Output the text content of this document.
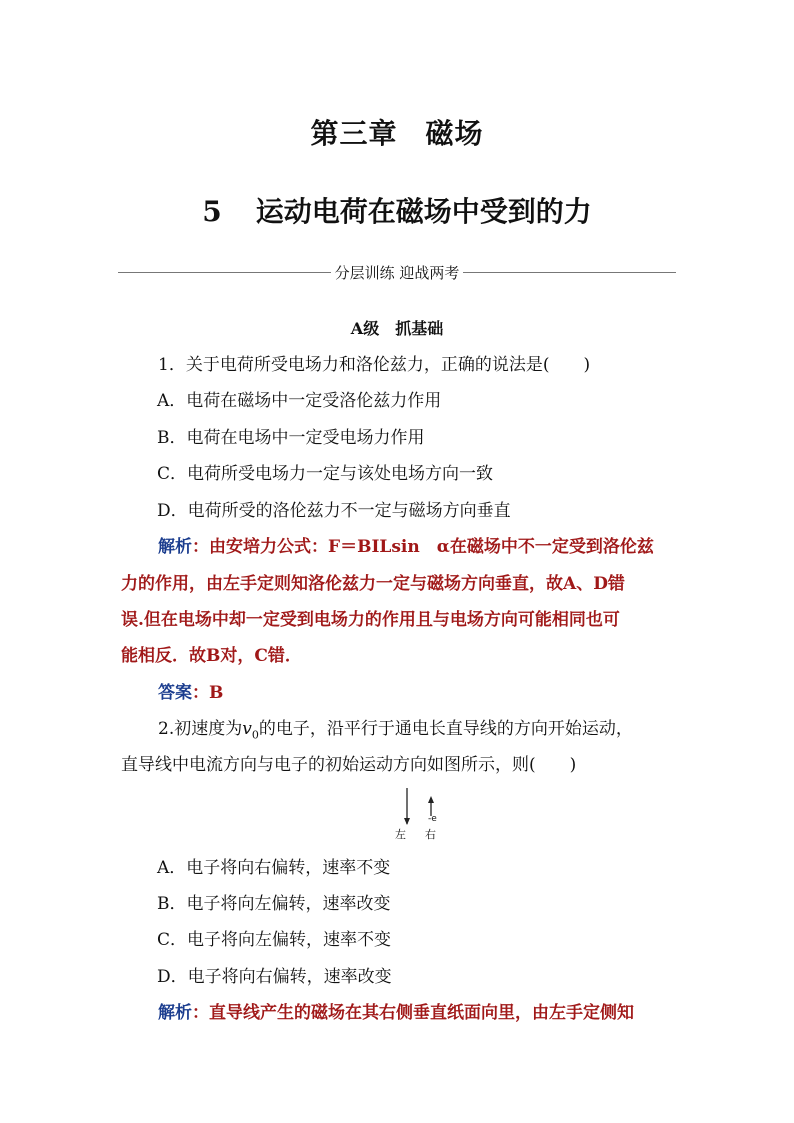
第三章 磁场
5 运动电荷在磁场中受到的力
分层训练 迎战两考
A级　抓基础
1．关于电荷所受电场力和洛伦兹力，正确的说法是(　　)
A．电荷在磁场中一定受洛伦兹力作用
B．电荷在电场中一定受电场力作用
C．电荷所受电场力一定与该处电场方向一致
D．电荷所受的洛伦兹力不一定与磁场方向垂直
解析：由安培力公式：F＝BILsin　α在磁场中不一定受到洛伦兹
力的作用，由左手定则知洛伦兹力一定与磁场方向垂直，故A、D错
误.但在电场中却一定受到电场力的作用且与电场方向可能相同也可
能相反．故B对，C错．
答案：B
2.初速度为$v_0$的电子，沿平行于通电长直导线的方向开始运动，
直导线中电流方向与电子的初始运动方向如图所示，则(　　)
-e
左 右
A．电子将向右偏转，速率不变
B．电子将向左偏转，速率改变
C．电子将向左偏转，速率不变
D．电子将向右偏转，速率改变
解析：直导线产生的磁场在其右侧垂直纸面向里，由左手定侧知
